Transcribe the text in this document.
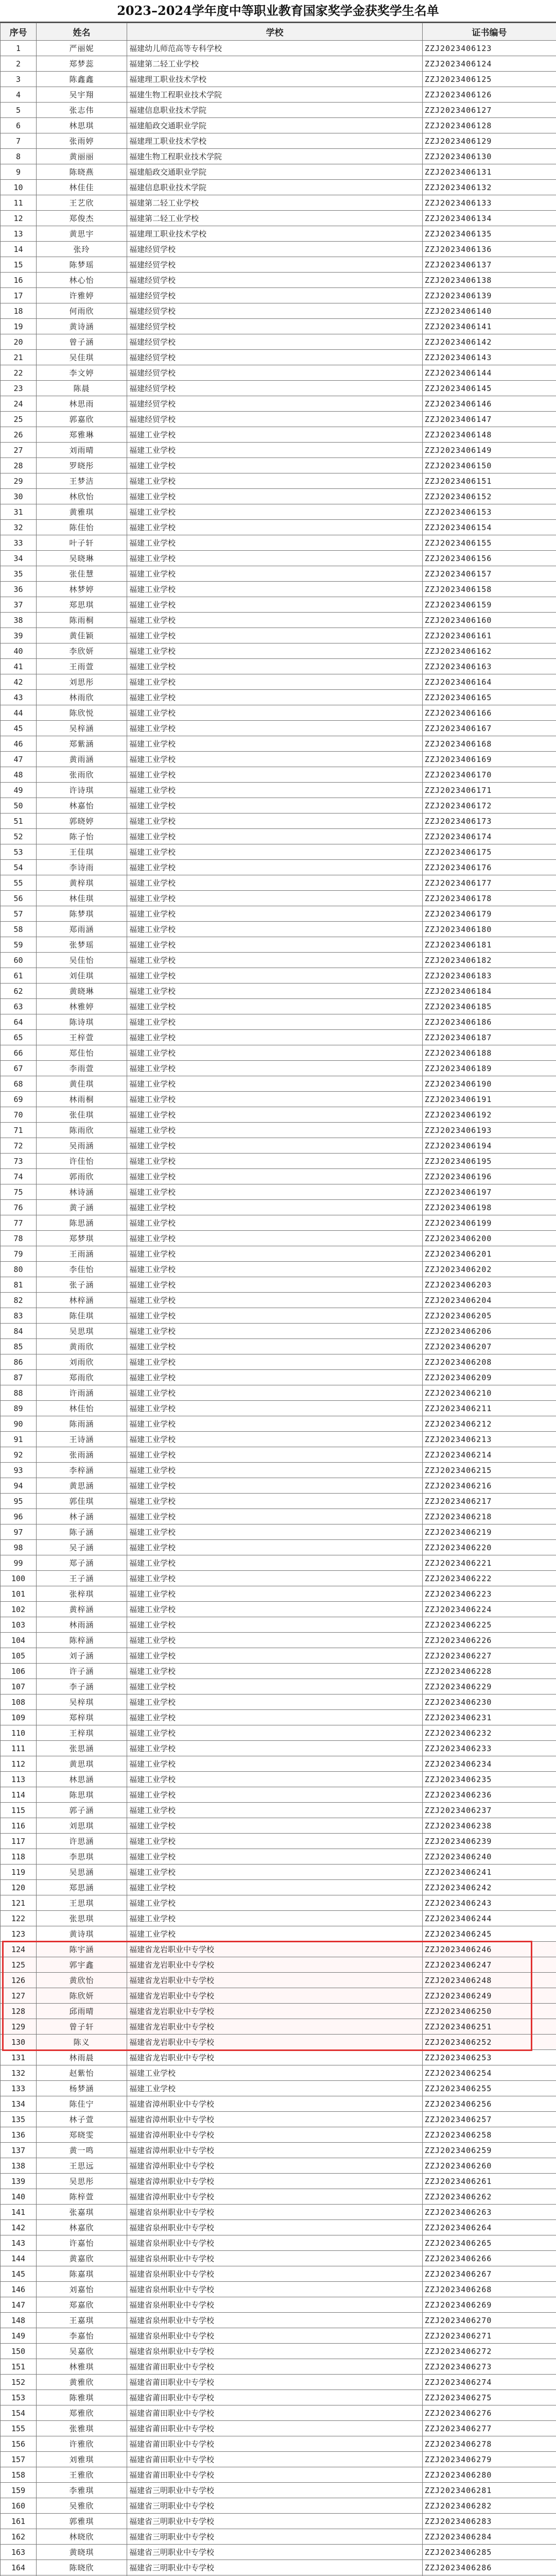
2023–2024学年度中等职业教育国家奖学金获奖学生名单
序号	姓名	学校	证书编号
1	严丽妮	福建幼儿师范高等专科学校	ZZJ2023406123
2	郑梦蕊	福建第二轻工业学校	ZZJ2023406124
3	陈鑫鑫	福建理工职业技术学校	ZZJ2023406125
4	吴宇翔	福建生物工程职业技术学院	ZZJ2023406126
5	张志伟	福建信息职业技术学院	ZZJ2023406127
6	林思琪	福建船政交通职业学院	ZZJ2023406128
7	张雨婷	福建理工职业技术学校	ZZJ2023406129
8	黄丽丽	福建生物工程职业技术学院	ZZJ2023406130
9	陈晓燕	福建船政交通职业学院	ZZJ2023406131
10	林佳佳	福建信息职业技术学院	ZZJ2023406132
11	王艺欣	福建第二轻工业学校	ZZJ2023406133
12	郑俊杰	福建第二轻工业学校	ZZJ2023406134
13	黄思宇	福建理工职业技术学校	ZZJ2023406135
14	张玲	福建经贸学校	ZZJ2023406136
15	陈梦瑶	福建经贸学校	ZZJ2023406137
16	林心怡	福建经贸学校	ZZJ2023406138
17	许雅婷	福建经贸学校	ZZJ2023406139
18	何雨欣	福建经贸学校	ZZJ2023406140
19	黄诗涵	福建经贸学校	ZZJ2023406141
20	曾子涵	福建经贸学校	ZZJ2023406142
21	吴佳琪	福建经贸学校	ZZJ2023406143
22	李文婷	福建经贸学校	ZZJ2023406144
23	陈晨	福建经贸学校	ZZJ2023406145
24	林思雨	福建经贸学校	ZZJ2023406146
25	郭嘉欣	福建经贸学校	ZZJ2023406147
26	郑雅琳	福建工业学校	ZZJ2023406148
27	刘雨晴	福建工业学校	ZZJ2023406149
28	罗晓彤	福建工业学校	ZZJ2023406150
29	王梦洁	福建工业学校	ZZJ2023406151
30	林欣怡	福建工业学校	ZZJ2023406152
31	黄雅琪	福建工业学校	ZZJ2023406153
32	陈佳怡	福建工业学校	ZZJ2023406154
33	叶子轩	福建工业学校	ZZJ2023406155
34	吴晓琳	福建工业学校	ZZJ2023406156
35	张佳慧	福建工业学校	ZZJ2023406157
36	林梦婷	福建工业学校	ZZJ2023406158
37	郑思琪	福建工业学校	ZZJ2023406159
38	陈雨桐	福建工业学校	ZZJ2023406160
39	黄佳颖	福建工业学校	ZZJ2023406161
40	李欣妍	福建工业学校	ZZJ2023406162
41	王雨萱	福建工业学校	ZZJ2023406163
42	刘思彤	福建工业学校	ZZJ2023406164
43	林雨欣	福建工业学校	ZZJ2023406165
44	陈欣悦	福建工业学校	ZZJ2023406166
45	吴梓涵	福建工业学校	ZZJ2023406167
46	郑紫涵	福建工业学校	ZZJ2023406168
47	黄雨涵	福建工业学校	ZZJ2023406169
48	张雨欣	福建工业学校	ZZJ2023406170
49	许诗琪	福建工业学校	ZZJ2023406171
50	林嘉怡	福建工业学校	ZZJ2023406172
51	郭晓婷	福建工业学校	ZZJ2023406173
52	陈子怡	福建工业学校	ZZJ2023406174
53	王佳琪	福建工业学校	ZZJ2023406175
54	李诗雨	福建工业学校	ZZJ2023406176
55	黄梓琪	福建工业学校	ZZJ2023406177
56	林佳琪	福建工业学校	ZZJ2023406178
57	陈梦琪	福建工业学校	ZZJ2023406179
58	郑雨涵	福建工业学校	ZZJ2023406180
59	张梦瑶	福建工业学校	ZZJ2023406181
60	吴佳怡	福建工业学校	ZZJ2023406182
61	刘佳琪	福建工业学校	ZZJ2023406183
62	黄晓琳	福建工业学校	ZZJ2023406184
63	林雅婷	福建工业学校	ZZJ2023406185
64	陈诗琪	福建工业学校	ZZJ2023406186
65	王梓萱	福建工业学校	ZZJ2023406187
66	郑佳怡	福建工业学校	ZZJ2023406188
67	李雨萱	福建工业学校	ZZJ2023406189
68	黄佳琪	福建工业学校	ZZJ2023406190
69	林雨桐	福建工业学校	ZZJ2023406191
70	张佳琪	福建工业学校	ZZJ2023406192
71	陈雨欣	福建工业学校	ZZJ2023406193
72	吴雨涵	福建工业学校	ZZJ2023406194
73	许佳怡	福建工业学校	ZZJ2023406195
74	郭雨欣	福建工业学校	ZZJ2023406196
75	林诗涵	福建工业学校	ZZJ2023406197
76	黄子涵	福建工业学校	ZZJ2023406198
77	陈思涵	福建工业学校	ZZJ2023406199
78	郑梦琪	福建工业学校	ZZJ2023406200
79	王雨涵	福建工业学校	ZZJ2023406201
80	李佳怡	福建工业学校	ZZJ2023406202
81	张子涵	福建工业学校	ZZJ2023406203
82	林梓涵	福建工业学校	ZZJ2023406204
83	陈佳琪	福建工业学校	ZZJ2023406205
84	吴思琪	福建工业学校	ZZJ2023406206
85	黄雨欣	福建工业学校	ZZJ2023406207
86	刘雨欣	福建工业学校	ZZJ2023406208
87	郑雨欣	福建工业学校	ZZJ2023406209
88	许雨涵	福建工业学校	ZZJ2023406210
89	林佳怡	福建工业学校	ZZJ2023406211
90	陈雨涵	福建工业学校	ZZJ2023406212
91	王诗涵	福建工业学校	ZZJ2023406213
92	张雨涵	福建工业学校	ZZJ2023406214
93	李梓涵	福建工业学校	ZZJ2023406215
94	黄思涵	福建工业学校	ZZJ2023406216
95	郭佳琪	福建工业学校	ZZJ2023406217
96	林子涵	福建工业学校	ZZJ2023406218
97	陈子涵	福建工业学校	ZZJ2023406219
98	吴子涵	福建工业学校	ZZJ2023406220
99	郑子涵	福建工业学校	ZZJ2023406221
100	王子涵	福建工业学校	ZZJ2023406222
101	张梓琪	福建工业学校	ZZJ2023406223
102	黄梓涵	福建工业学校	ZZJ2023406224
103	林雨涵	福建工业学校	ZZJ2023406225
104	陈梓涵	福建工业学校	ZZJ2023406226
105	刘子涵	福建工业学校	ZZJ2023406227
106	许子涵	福建工业学校	ZZJ2023406228
107	李子涵	福建工业学校	ZZJ2023406229
108	吴梓琪	福建工业学校	ZZJ2023406230
109	郑梓琪	福建工业学校	ZZJ2023406231
110	王梓琪	福建工业学校	ZZJ2023406232
111	张思涵	福建工业学校	ZZJ2023406233
112	黄思琪	福建工业学校	ZZJ2023406234
113	林思涵	福建工业学校	ZZJ2023406235
114	陈思琪	福建工业学校	ZZJ2023406236
115	郭子涵	福建工业学校	ZZJ2023406237
116	刘思琪	福建工业学校	ZZJ2023406238
117	许思涵	福建工业学校	ZZJ2023406239
118	李思琪	福建工业学校	ZZJ2023406240
119	吴思涵	福建工业学校	ZZJ2023406241
120	郑思涵	福建工业学校	ZZJ2023406242
121	王思琪	福建工业学校	ZZJ2023406243
122	张思琪	福建工业学校	ZZJ2023406244
123	黄诗琪	福建工业学校	ZZJ2023406245
124	陈宇涵	福建省龙岩职业中专学校	ZZJ2023406246
125	郭宇鑫	福建省龙岩职业中专学校	ZZJ2023406247
126	黄欣怡	福建省龙岩职业中专学校	ZZJ2023406248
127	陈欣妍	福建省龙岩职业中专学校	ZZJ2023406249
128	邱雨晴	福建省龙岩职业中专学校	ZZJ2023406250
129	曾子轩	福建省龙岩职业中专学校	ZZJ2023406251
130	陈义	福建省龙岩职业中专学校	ZZJ2023406252
131	林雨晨	福建省龙岩职业中专学校	ZZJ2023406253
132	赵紫怡	福建工业学校	ZZJ2023406254
133	杨梦涵	福建工业学校	ZZJ2023406255
134	陈佳宁	福建省漳州职业中专学校	ZZJ2023406256
135	林子萱	福建省漳州职业中专学校	ZZJ2023406257
136	郑晓雯	福建省漳州职业中专学校	ZZJ2023406258
137	黄一鸣	福建省漳州职业中专学校	ZZJ2023406259
138	王思远	福建省漳州职业中专学校	ZZJ2023406260
139	吴思彤	福建省漳州职业中专学校	ZZJ2023406261
140	陈梓萱	福建省漳州职业中专学校	ZZJ2023406262
141	张嘉琪	福建省泉州职业中专学校	ZZJ2023406263
142	林嘉欣	福建省泉州职业中专学校	ZZJ2023406264
143	许嘉怡	福建省泉州职业中专学校	ZZJ2023406265
144	黄嘉欣	福建省泉州职业中专学校	ZZJ2023406266
145	陈嘉琪	福建省泉州职业中专学校	ZZJ2023406267
146	刘嘉怡	福建省泉州职业中专学校	ZZJ2023406268
147	郑嘉欣	福建省泉州职业中专学校	ZZJ2023406269
148	王嘉琪	福建省泉州职业中专学校	ZZJ2023406270
149	李嘉怡	福建省泉州职业中专学校	ZZJ2023406271
150	吴嘉欣	福建省泉州职业中专学校	ZZJ2023406272
151	林雅琪	福建省莆田职业中专学校	ZZJ2023406273
152	黄雅欣	福建省莆田职业中专学校	ZZJ2023406274
153	陈雅琪	福建省莆田职业中专学校	ZZJ2023406275
154	郑雅欣	福建省莆田职业中专学校	ZZJ2023406276
155	张雅琪	福建省莆田职业中专学校	ZZJ2023406277
156	许雅欣	福建省莆田职业中专学校	ZZJ2023406278
157	刘雅琪	福建省莆田职业中专学校	ZZJ2023406279
158	王雅欣	福建省莆田职业中专学校	ZZJ2023406280
159	李雅琪	福建省三明职业中专学校	ZZJ2023406281
160	吴雅欣	福建省三明职业中专学校	ZZJ2023406282
161	郭雅琪	福建省三明职业中专学校	ZZJ2023406283
162	林晓欣	福建省三明职业中专学校	ZZJ2023406284
163	黄晓琪	福建省三明职业中专学校	ZZJ2023406285
164	陈晓欣	福建省三明职业中专学校	ZZJ2023406286
